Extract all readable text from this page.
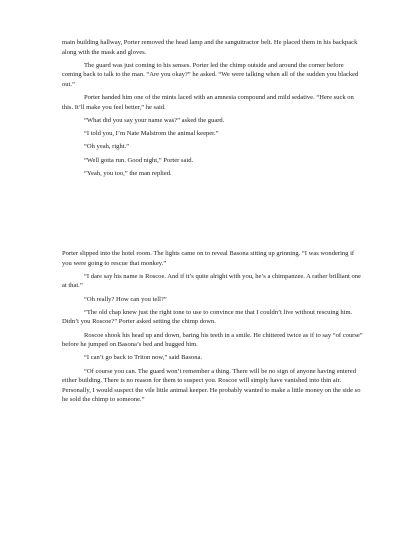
main building hallway, Porter removed the head lamp and the sanguitractor belt. He placed them in his backpack along with the mask and gloves.

The guard was just coming to his senses. Porter led the chimp outside and around the corner before coming back to talk to the man. “Are you okay?” he asked. “We were talking when all of the sudden you blacked out.”

Porter handed him one of the mints laced with an amnesia compound and mild sedative. “Here suck on this. It’ll make you feel better,” he said.

“What did you say your name was?” asked the guard.

“I told you, I’m Nate Malstrom the animal keeper.”

“Oh yeah, right.”

“Well gotta run. Good night,” Porter said.

“Yeah, you too,” the man replied.

Porter slipped into the hotel room. The lights came on to reveal Basona sitting up grinning. “I was wondering if you were going to rescue that monkey.”

“I dare say his name is Roscoe. And if it’s quite alright with you, he’s a chimpanzee. A rather brilliant one at that.”

“Oh really? How can you tell?”

“The old chap knew just the right tone to use to convince me that I couldn’t live without rescuing him. Didn’t you Roscoe?” Porter asked setting the chimp down.

Roscoe shook his head up and down, baring his teeth in a smile. He chittered twice as if to say “of course” before he jumped on Basona’s bed and hugged him.

“I can’t go back to Triton now,” said Basona.

“Of course you can. The guard won’t remember a thing. There will be no sign of anyone having entered either building. There is no reason for them to suspect you. Roscoe will simply have vanished into thin air. Personally, I would suspect the vile little animal keeper. He probably wanted to make a little money on the side so he sold the chimp to someone.”
